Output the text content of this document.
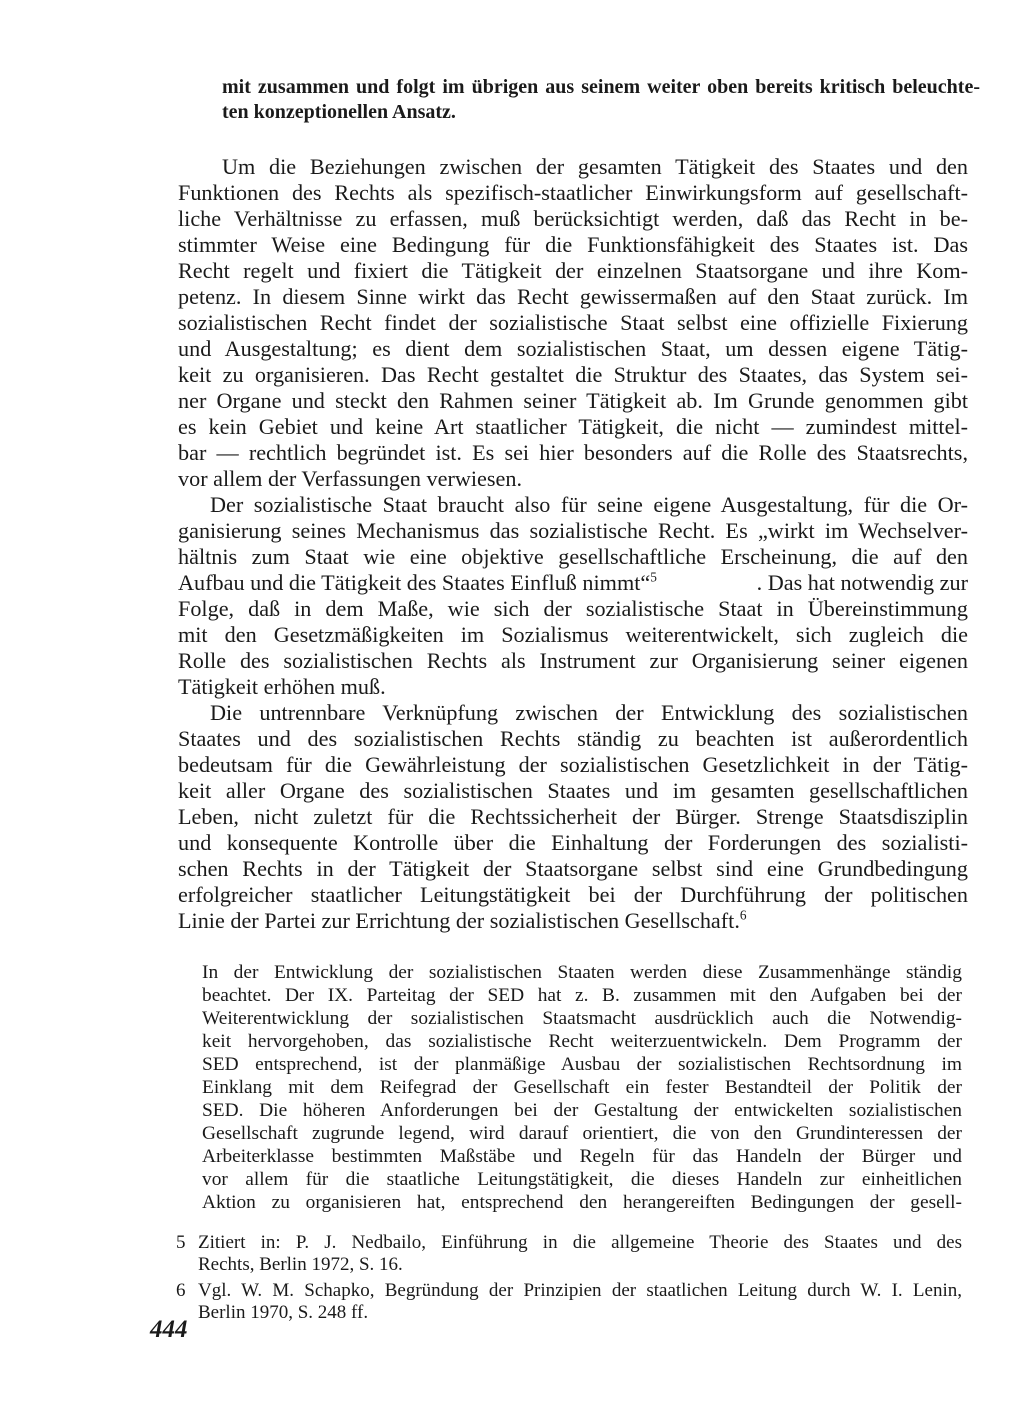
mit zusammen und folgt im übrigen aus seinem weiter oben bereits kritisch beleuchte-
ten konzeptionellen Ansatz.
Um die Beziehungen zwischen der gesamten Tätigkeit des Staates und den
Funktionen des Rechts als spezifisch-staatlicher Einwirkungsform auf gesellschaft-
liche Verhältnisse zu erfassen, muß berücksichtigt werden, daß das Recht in be-
stimmter Weise eine Bedingung für die Funktionsfähigkeit des Staates ist. Das
Recht regelt und fixiert die Tätigkeit der einzelnen Staatsorgane und ihre Kom-
petenz. In diesem Sinne wirkt das Recht gewissermaßen auf den Staat zurück. Im
sozialistischen Recht findet der sozialistische Staat selbst eine offizielle Fixierung
und Ausgestaltung; es dient dem sozialistischen Staat, um dessen eigene Tätig-
keit zu organisieren. Das Recht gestaltet die Struktur des Staates, das System sei-
ner Organe und steckt den Rahmen seiner Tätigkeit ab. Im Grunde genommen gibt
es kein Gebiet und keine Art staatlicher Tätigkeit, die nicht — zumindest mittel-
bar — rechtlich begründet ist. Es sei hier besonders auf die Rolle des Staatsrechts,
vor allem der Verfassungen verwiesen.
Der sozialistische Staat braucht also für seine eigene Ausgestaltung, für die Or-
ganisierung seines Mechanismus das sozialistische Recht. Es „wirkt im Wechselver-
hältnis zum Staat wie eine objektive gesellschaftliche Erscheinung, die auf den
Aufbau und die Tätigkeit des Staates Einfluß nimmt“$^5$	. Das hat notwendig zur
Folge, daß in dem Maße, wie sich der sozialistische Staat in Übereinstimmung
mit den Gesetzmäßigkeiten im Sozialismus weiterentwickelt, sich zugleich die
Rolle des sozialistischen Rechts als Instrument zur Organisierung seiner eigenen
Tätigkeit erhöhen muß.
Die untrennbare Verknüpfung zwischen der Entwicklung des sozialistischen
Staates und des sozialistischen Rechts ständig zu beachten ist außerordentlich
bedeutsam für die Gewährleistung der sozialistischen Gesetzlichkeit in der Tätig-
keit aller Organe des sozialistischen Staates und im gesamten gesellschaftlichen
Leben, nicht zuletzt für die Rechtssicherheit der Bürger. Strenge Staatsdisziplin
und konsequente Kontrolle über die Einhaltung der Forderungen des sozialisti-
schen Rechts in der Tätigkeit der Staatsorgane selbst sind eine Grundbedingung
erfolgreicher staatlicher Leitungstätigkeit bei der Durchführung der politischen
Linie der Partei zur Errichtung der sozialistischen Gesellschaft.$^6$
In der Entwicklung der sozialistischen Staaten werden diese Zusammenhänge ständig
beachtet. Der IX. Parteitag der SED hat z. B. zusammen mit den Aufgaben bei der
Weiterentwicklung der sozialistischen Staatsmacht ausdrücklich auch die Notwendig-
keit hervorgehoben, das sozialistische Recht weiterzuentwickeln. Dem Programm der
SED entsprechend, ist der planmäßige Ausbau der sozialistischen Rechtsordnung im
Einklang mit dem Reifegrad der Gesellschaft ein fester Bestandteil der Politik der
SED. Die höheren Anforderungen bei der Gestaltung der entwickelten sozialistischen
Gesellschaft zugrunde legend, wird darauf orientiert, die von den Grundinteressen der
Arbeiterklasse bestimmten Maßstäbe und Regeln für das Handeln der Bürger und
vor allem für die staatliche Leitungstätigkeit, die dieses Handeln zur einheitlichen
Aktion zu organisieren hat, entsprechend den herangereiften Bedingungen der gesell-
5 Zitiert in: P. J. Nedbailo, Einführung in die allgemeine Theorie des Staates und des
Rechts, Berlin 1972, S. 16.
6 Vgl. W. M. Schapko, Begründung der Prinzipien der staatlichen Leitung durch W. I. Lenin,
Berlin 1970, S. 248 ff.
444
